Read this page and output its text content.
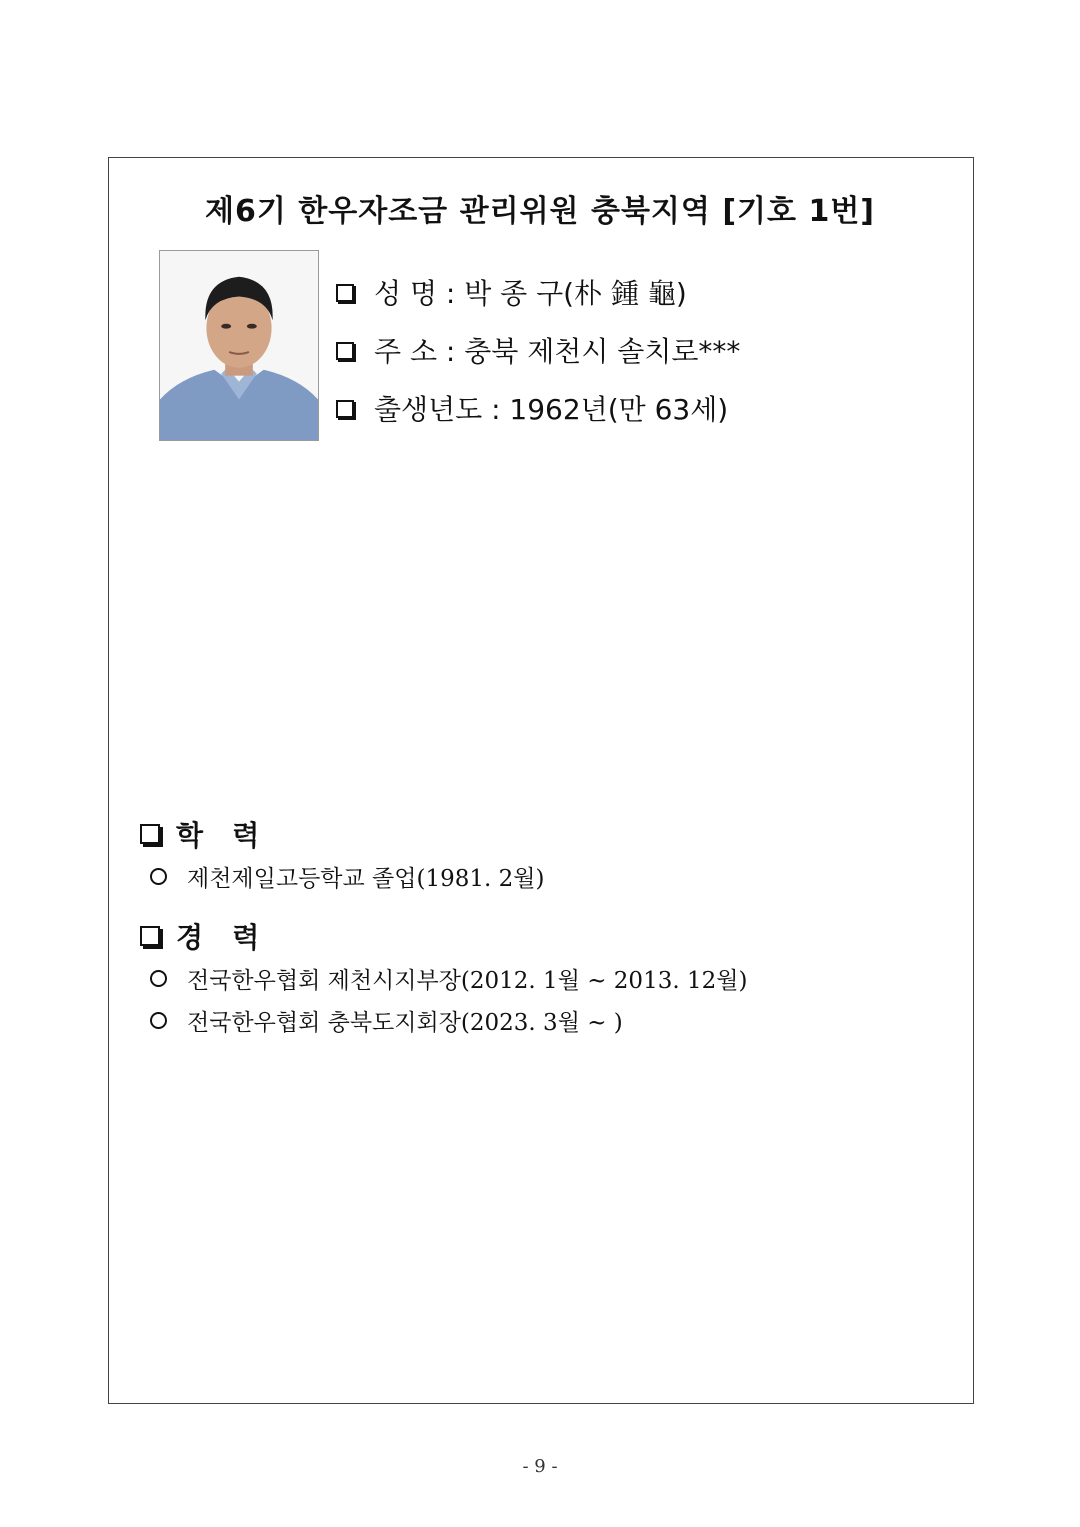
제6기 한우자조금 관리위원 충북지역 [기호 1번]
성 명 : 박 종 구(朴 鍾 龜)
주 소 : 충북 제천시 솔치로***
출생년도 : 1962년(만 63세)
학   력
제천제일고등학교 졸업(1981. 2월)
경   력
전국한우협회 제천시지부장(2012. 1월 ~ 2013. 12월)
전국한우협회 충북도지회장(2023. 3월 ~ )
- 9 -
